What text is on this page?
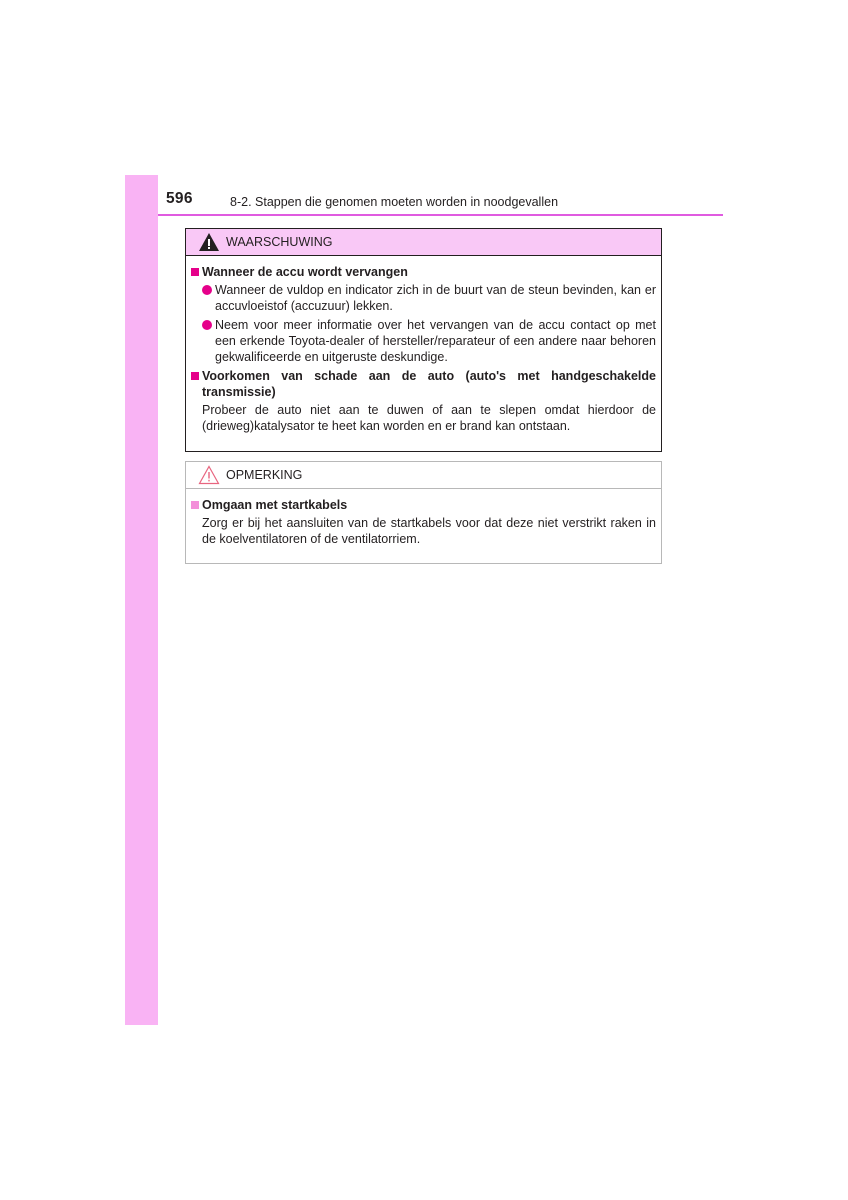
596	8-2. Stappen die genomen moeten worden in noodgevallen
WAARSCHUWING
Wanneer de accu wordt vervangen
Wanneer de vuldop en indicator zich in de buurt van de steun bevinden, kan er accuvloeistof (accuzuur) lekken.
Neem voor meer informatie over het vervangen van de accu contact op met een erkende Toyota-dealer of hersteller/reparateur of een andere naar behoren gekwalificeerde en uitgeruste deskundige.
Voorkomen van schade aan de auto (auto's met handgeschakelde transmissie)
Probeer de auto niet aan te duwen of aan te slepen omdat hierdoor de (drieweg)katalysator te heet kan worden en er brand kan ontstaan.
OPMERKING
Omgaan met startkabels
Zorg er bij het aansluiten van de startkabels voor dat deze niet verstrikt raken in de koelventilatoren of de ventilatorriem.
